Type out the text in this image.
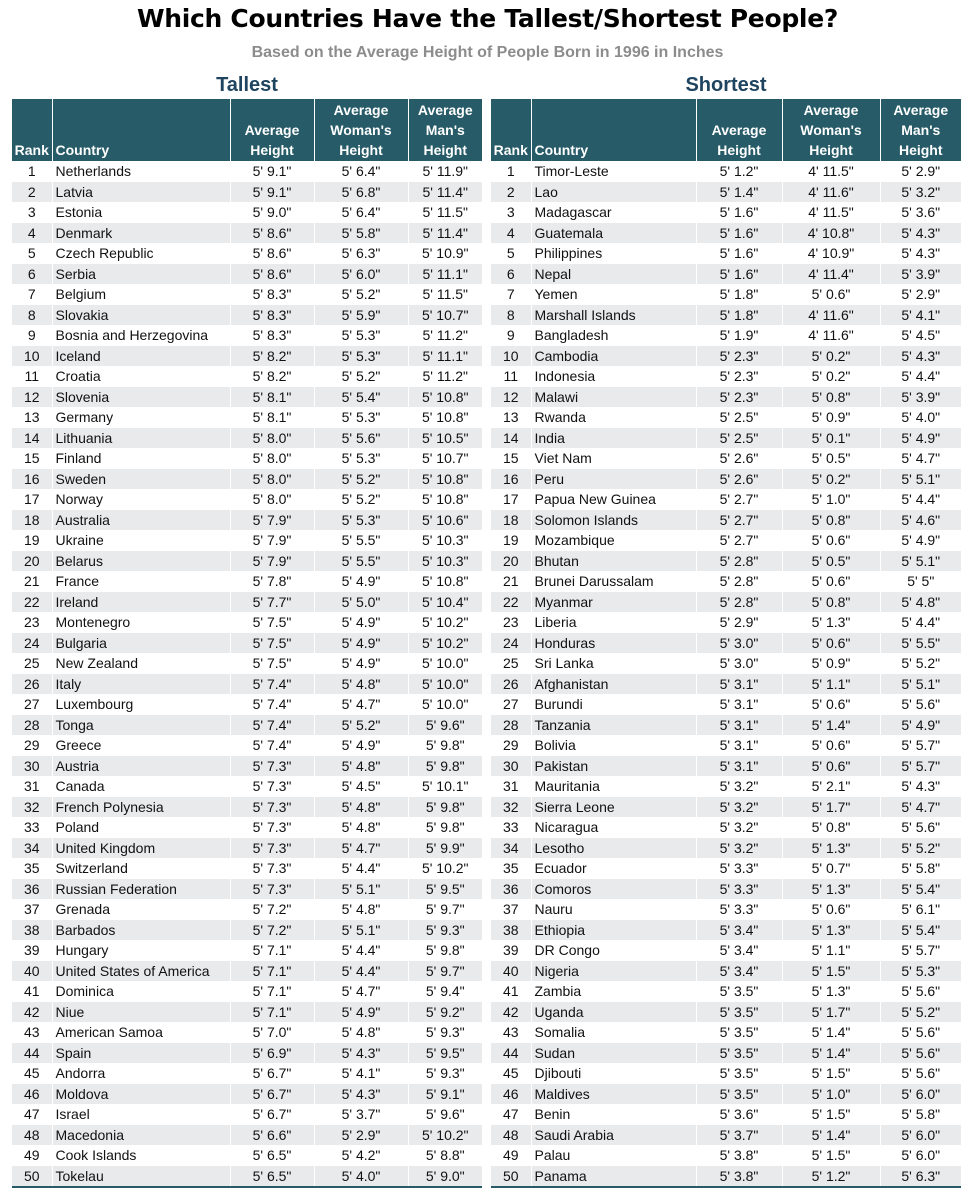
Which Countries Have the Tallest/Shortest People?
Based on the Average Height of People Born in 1996 in Inches
Tallest
Rank	Country	Average
Height	Average
Woman's
Height	Average
Man's
Height
1	Netherlands	5' 9.1"	5' 6.4"	5' 11.9"
2	Latvia	5' 9.1"	5' 6.8"	5' 11.4"
3	Estonia	5' 9.0"	5' 6.4"	5' 11.5"
4	Denmark	5' 8.6"	5' 5.8"	5' 11.4"
5	Czech Republic	5' 8.6"	5' 6.3"	5' 10.9"
6	Serbia	5' 8.6"	5' 6.0"	5' 11.1"
7	Belgium	5' 8.3"	5' 5.2"	5' 11.5"
8	Slovakia	5' 8.3"	5' 5.9"	5' 10.7"
9	Bosnia and Herzegovina	5' 8.3"	5' 5.3"	5' 11.2"
10	Iceland	5' 8.2"	5' 5.3"	5' 11.1"
11	Croatia	5' 8.2"	5' 5.2"	5' 11.2"
12	Slovenia	5' 8.1"	5' 5.4"	5' 10.8"
13	Germany	5' 8.1"	5' 5.3"	5' 10.8"
14	Lithuania	5' 8.0"	5' 5.6"	5' 10.5"
15	Finland	5' 8.0"	5' 5.3"	5' 10.7"
16	Sweden	5' 8.0"	5' 5.2"	5' 10.8"
17	Norway	5' 8.0"	5' 5.2"	5' 10.8"
18	Australia	5' 7.9"	5' 5.3"	5' 10.6"
19	Ukraine	5' 7.9"	5' 5.5"	5' 10.3"
20	Belarus	5' 7.9"	5' 5.5"	5' 10.3"
21	France	5' 7.8"	5' 4.9"	5' 10.8"
22	Ireland	5' 7.7"	5' 5.0"	5' 10.4"
23	Montenegro	5' 7.5"	5' 4.9"	5' 10.2"
24	Bulgaria	5' 7.5"	5' 4.9"	5' 10.2"
25	New Zealand	5' 7.5"	5' 4.9"	5' 10.0"
26	Italy	5' 7.4"	5' 4.8"	5' 10.0"
27	Luxembourg	5' 7.4"	5' 4.7"	5' 10.0"
28	Tonga	5' 7.4"	5' 5.2"	5' 9.6"
29	Greece	5' 7.4"	5' 4.9"	5' 9.8"
30	Austria	5' 7.3"	5' 4.8"	5' 9.8"
31	Canada	5' 7.3"	5' 4.5"	5' 10.1"
32	French Polynesia	5' 7.3"	5' 4.8"	5' 9.8"
33	Poland	5' 7.3"	5' 4.8"	5' 9.8"
34	United Kingdom	5' 7.3"	5' 4.7"	5' 9.9"
35	Switzerland	5' 7.3"	5' 4.4"	5' 10.2"
36	Russian Federation	5' 7.3"	5' 5.1"	5' 9.5"
37	Grenada	5' 7.2"	5' 4.8"	5' 9.7"
38	Barbados	5' 7.2"	5' 5.1"	5' 9.3"
39	Hungary	5' 7.1"	5' 4.4"	5' 9.8"
40	United States of America	5' 7.1"	5' 4.4"	5' 9.7"
41	Dominica	5' 7.1"	5' 4.7"	5' 9.4"
42	Niue	5' 7.1"	5' 4.9"	5' 9.2"
43	American Samoa	5' 7.0"	5' 4.8"	5' 9.3"
44	Spain	5' 6.9"	5' 4.3"	5' 9.5"
45	Andorra	5' 6.7"	5' 4.1"	5' 9.3"
46	Moldova	5' 6.7"	5' 4.3"	5' 9.1"
47	Israel	5' 6.7"	5' 3.7"	5' 9.6"
48	Macedonia	5' 6.6"	5' 2.9"	5' 10.2"
49	Cook Islands	5' 6.5"	5' 4.2"	5' 8.8"
50	Tokelau	5' 6.5"	5' 4.0"	5' 9.0"
Shortest
Rank	Country	Average
Height	Average
Woman's
Height	Average
Man's
Height
1	Timor-Leste	5' 1.2"	4' 11.5"	5' 2.9"
2	Lao	5' 1.4"	4' 11.6"	5' 3.2"
3	Madagascar	5' 1.6"	4' 11.5"	5' 3.6"
4	Guatemala	5' 1.6"	4' 10.8"	5' 4.3"
5	Philippines	5' 1.6"	4' 10.9"	5' 4.3"
6	Nepal	5' 1.6"	4' 11.4"	5' 3.9"
7	Yemen	5' 1.8"	5' 0.6"	5' 2.9"
8	Marshall Islands	5' 1.8"	4' 11.6"	5' 4.1"
9	Bangladesh	5' 1.9"	4' 11.6"	5' 4.5"
10	Cambodia	5' 2.3"	5' 0.2"	5' 4.3"
11	Indonesia	5' 2.3"	5' 0.2"	5' 4.4"
12	Malawi	5' 2.3"	5' 0.8"	5' 3.9"
13	Rwanda	5' 2.5"	5' 0.9"	5' 4.0"
14	India	5' 2.5"	5' 0.1"	5' 4.9"
15	Viet Nam	5' 2.6"	5' 0.5"	5' 4.7"
16	Peru	5' 2.6"	5' 0.2"	5' 5.1"
17	Papua New Guinea	5' 2.7"	5' 1.0"	5' 4.4"
18	Solomon Islands	5' 2.7"	5' 0.8"	5' 4.6"
19	Mozambique	5' 2.7"	5' 0.6"	5' 4.9"
20	Bhutan	5' 2.8"	5' 0.5"	5' 5.1"
21	Brunei Darussalam	5' 2.8"	5' 0.6"	5' 5"
22	Myanmar	5' 2.8"	5' 0.8"	5' 4.8"
23	Liberia	5' 2.9"	5' 1.3"	5' 4.4"
24	Honduras	5' 3.0"	5' 0.6"	5' 5.5"
25	Sri Lanka	5' 3.0"	5' 0.9"	5' 5.2"
26	Afghanistan	5' 3.1"	5' 1.1"	5' 5.1"
27	Burundi	5' 3.1"	5' 0.6"	5' 5.6"
28	Tanzania	5' 3.1"	5' 1.4"	5' 4.9"
29	Bolivia	5' 3.1"	5' 0.6"	5' 5.7"
30	Pakistan	5' 3.1"	5' 0.6"	5' 5.7"
31	Mauritania	5' 3.2"	5' 2.1"	5' 4.3"
32	Sierra Leone	5' 3.2"	5' 1.7"	5' 4.7"
33	Nicaragua	5' 3.2"	5' 0.8"	5' 5.6"
34	Lesotho	5' 3.2"	5' 1.3"	5' 5.2"
35	Ecuador	5' 3.3"	5' 0.7"	5' 5.8"
36	Comoros	5' 3.3"	5' 1.3"	5' 5.4"
37	Nauru	5' 3.3"	5' 0.6"	5' 6.1"
38	Ethiopia	5' 3.4"	5' 1.3"	5' 5.4"
39	DR Congo	5' 3.4"	5' 1.1"	5' 5.7"
40	Nigeria	5' 3.4"	5' 1.5"	5' 5.3"
41	Zambia	5' 3.5"	5' 1.3"	5' 5.6"
42	Uganda	5' 3.5"	5' 1.7"	5' 5.2"
43	Somalia	5' 3.5"	5' 1.4"	5' 5.6"
44	Sudan	5' 3.5"	5' 1.4"	5' 5.6"
45	Djibouti	5' 3.5"	5' 1.5"	5' 5.6"
46	Maldives	5' 3.5"	5' 1.0"	5' 6.0"
47	Benin	5' 3.6"	5' 1.5"	5' 5.8"
48	Saudi Arabia	5' 3.7"	5' 1.4"	5' 6.0"
49	Palau	5' 3.8"	5' 1.5"	5' 6.0"
50	Panama	5' 3.8"	5' 1.2"	5' 6.3"
